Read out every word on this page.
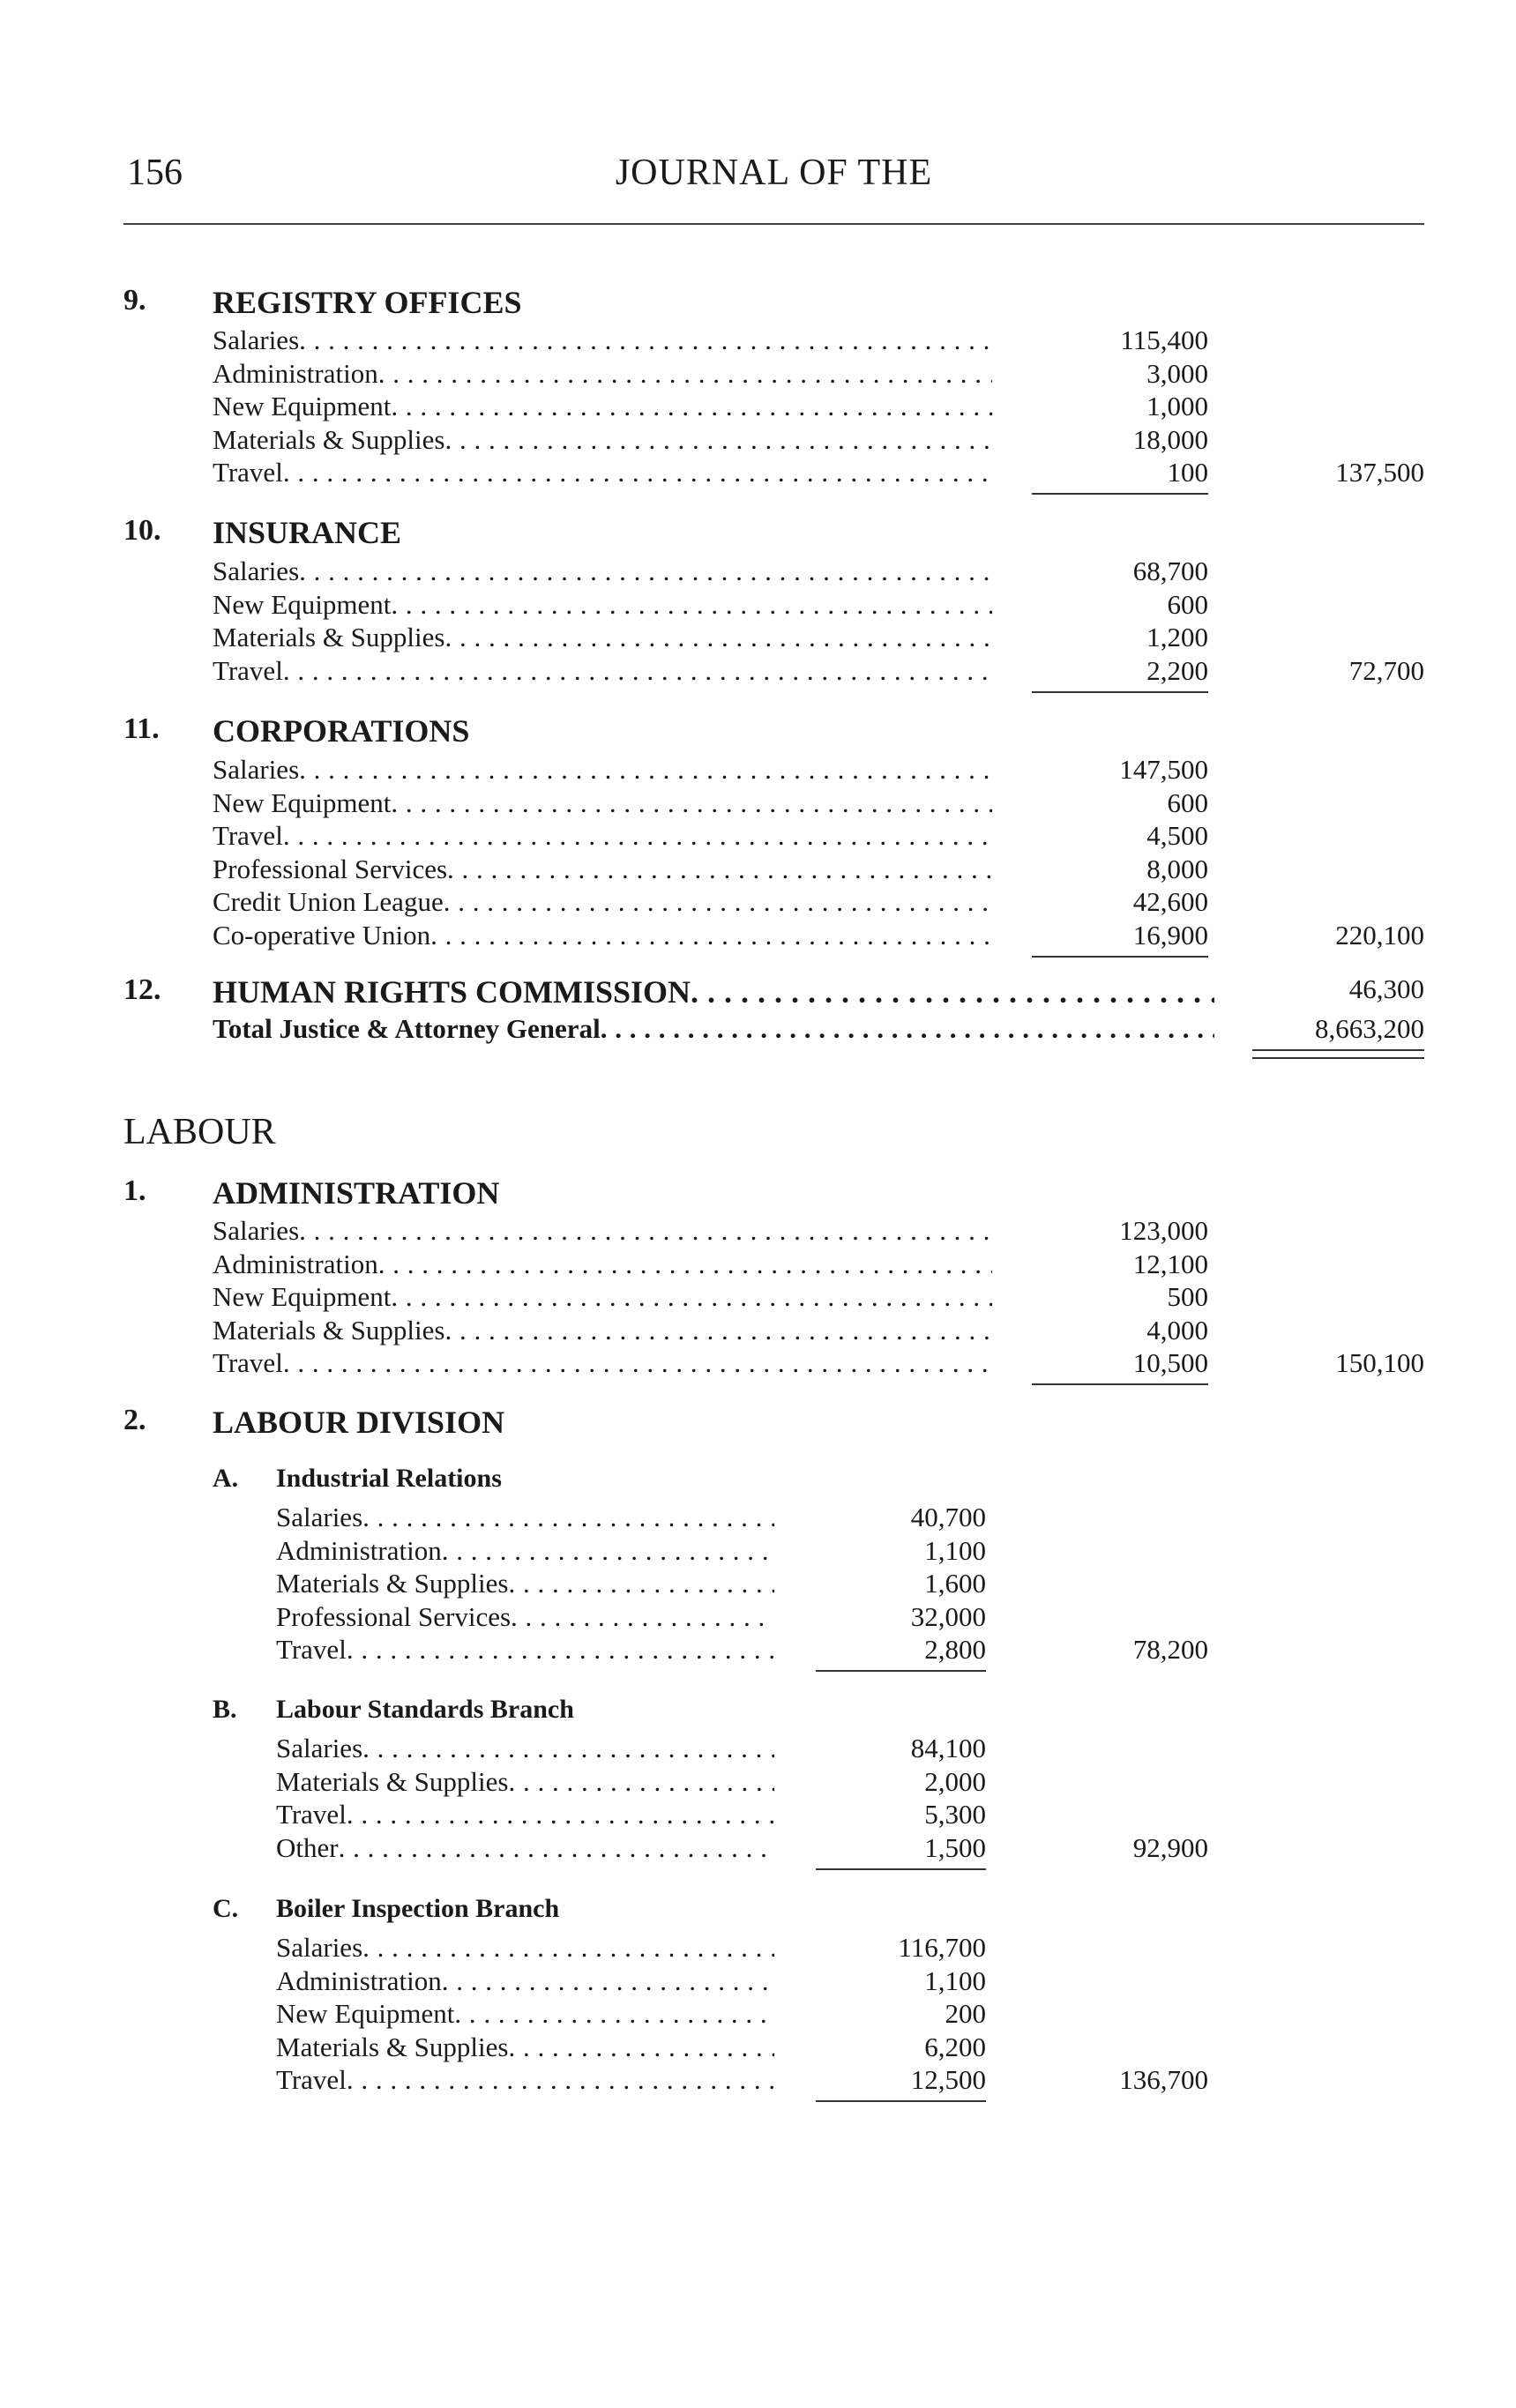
156	JOURNAL OF THE
9. REGISTRY OFFICES
Salaries . . .	115,400
Administration . . .	3,000
New Equipment . . .	1,000
Materials & Supplies . . .	18,000
Travel . . .	100	137,500
10. INSURANCE
Salaries . . .	68,700
New Equipment . . .	600
Materials & Supplies . . .	1,200
Travel . . .	2,200	72,700
11. CORPORATIONS
Salaries . . .	147,500
New Equipment . . .	600
Travel . . .	4,500
Professional Services . . .	8,000
Credit Union League . . .	42,600
Co-operative Union . . .	16,900	220,100
12. HUMAN RIGHTS COMMISSION . . .	46,300
Total Justice & Attorney General . . .	8,663,200
LABOUR
1. ADMINISTRATION
Salaries . . .	123,000
Administration . . .	12,100
New Equipment . . .	500
Materials & Supplies . . .	4,000
Travel . . .	10,500	150,100
2. LABOUR DIVISION
A. Industrial Relations
Salaries . . .	40,700
Administration . . .	1,100
Materials & Supplies . . .	1,600
Professional Services . . .	32,000
Travel . . .	2,800	78,200
B. Labour Standards Branch
Salaries . . .	84,100
Materials & Supplies . . .	2,000
Travel . . .	5,300
Other . . .	1,500	92,900
C. Boiler Inspection Branch
Salaries . . .	116,700
Administration . . .	1,100
New Equipment . . .	200
Materials & Supplies . . .	6,200
Travel . . .	12,500	136,700
